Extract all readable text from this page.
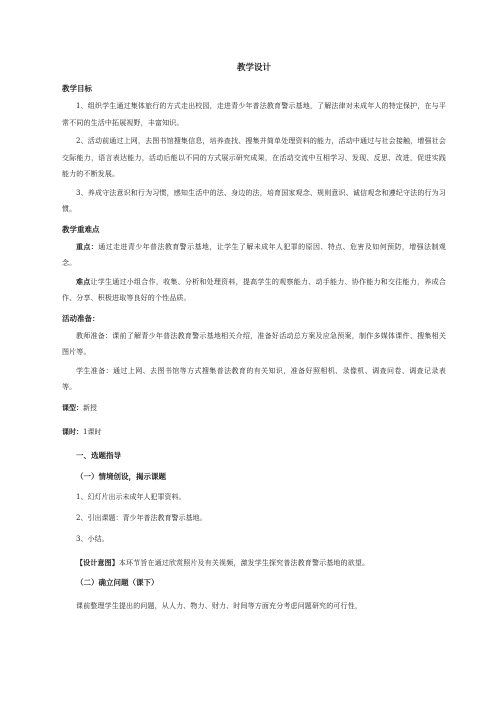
教学设计
教学目标

1、组织学生通过集体旅行的方式走出校园，走进青少年普法教育警示基地，了解法律对未成年人的特定保护，在与平常不同的生活中拓展视野，丰富知识。

2、活动前通过上网，去图书馆搜集信息，培养查找、搜集并简单处理资料的能力，活动中通过与社会接触，增强社会交际能力，语言表达能力，活动后能以不同的方式展示研究成果，在活动交流中互相学习、发现、反思、改进，促进实践能力的不断发展。

3、养成守法意识和行为习惯，感知生活中的法、身边的法，培育国家观念、规则意识、诚信观念和遵纪守法的行为习惯。

教学重难点

重点：通过走进青少年普法教育警示基地，让学生了解未成年人犯罪的原因、特点、危害及如何预防，增强法制观念。

难点让学生通过小组合作，收集、分析和处理资料，提高学生的观察能力、动手能力、协作能力和交往能力，养成合作、分享、积极进取等良好的个性品质。

活动准备：

教师准备：课前了解青少年普法教育警示基地相关介绍，准备好活动总方案及应急预案，制作多媒体课件、搜集相关图片等。

学生准备：通过上网、去图书馆等方式搜集普法教育的有关知识，准备好照相机、录像机、调查问卷、调查记录表等。

课型：新授
课时：1课时
一、选题指导
（一）情境创设，揭示课题
1、幻灯片出示未成年人犯罪资料。
2、引出课题：青少年普法教育警示基地。
3、小结。

【设计意图】本环节旨在通过欣赏照片及有关视频，激发学生探究普法教育警示基地的欲望。

（二）确立问题（课下）

课前整理学生提出的问题，从人力、物力、财力、时间等方面充分考虑问题研究的可行性，
